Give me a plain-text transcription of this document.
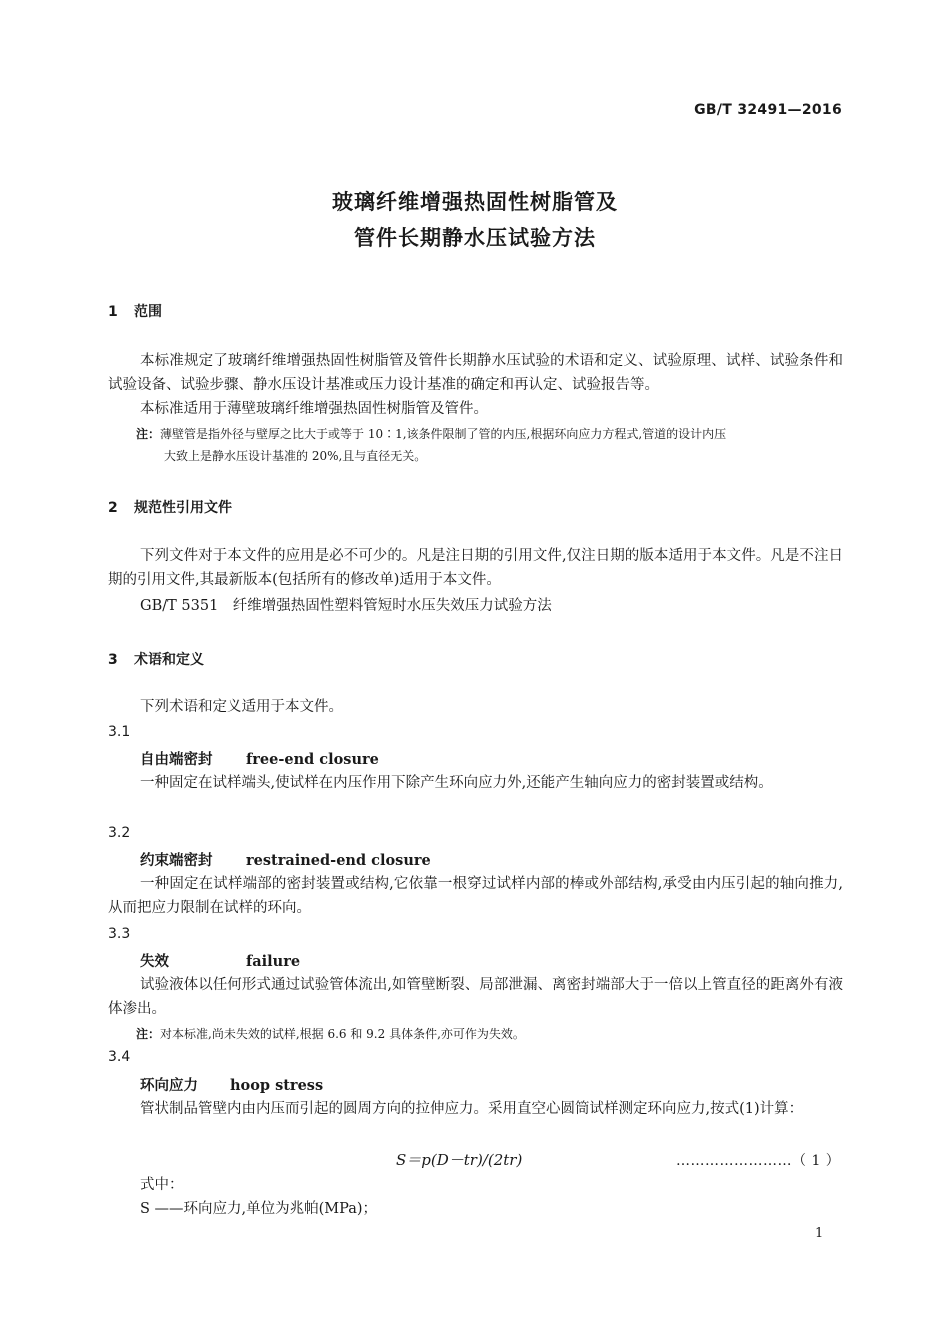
GB/T 32491—2016
玻璃纤维增强热固性树脂管及
管件长期静水压试验方法
1 范围
本标准规定了玻璃纤维增强热固性树脂管及管件长期静水压试验的术语和定义、试验原理、试样、试验条件和试验设备、试验步骤、静水压设计基准或压力设计基准的确定和再认定、试验报告等。
本标准适用于薄壁玻璃纤维增强热固性树脂管及管件。
注：薄壁管是指外径与壁厚之比大于或等于 10∶1,该条件限制了管的内压,根据环向应力方程式,管道的设计内压
大致上是静水压设计基准的 20%,且与直径无关。
2 规范性引用文件
下列文件对于本文件的应用是必不可少的。凡是注日期的引用文件,仅注日期的版本适用于本文件。凡是不注日期的引用文件,其最新版本(包括所有的修改单)适用于本文件。
GB/T 5351　纤维增强热固性塑料管短时水压失效压力试验方法
3 术语和定义
下列术语和定义适用于本文件。
3.1
自由端密封 free-end closure
一种固定在试样端头,使试样在内压作用下除产生环向应力外,还能产生轴向应力的密封装置或结构。
3.2
约束端密封 restrained-end closure
一种固定在试样端部的密封装置或结构,它依靠一根穿过试样内部的棒或外部结构,承受由内压引起的轴向推力,从而把应力限制在试样的环向。
3.3
失效	failure
试验液体以任何形式通过试验管体流出,如管壁断裂、局部泄漏、离密封端部大于一倍以上管直径的距离外有液体渗出。
注：对本标准,尚未失效的试样,根据 6.6 和 9.2 具体条件,亦可作为失效。
3.4
环向应力 hoop stress
管状制品管壁内由内压而引起的圆周方向的拉伸应力。采用直空心圆筒试样测定环向应力,按式(1)计算：
S＝p(D－tr)/(2tr)	……………………（ 1 ）
式中：
S ——环向应力,单位为兆帕(MPa)；
1
